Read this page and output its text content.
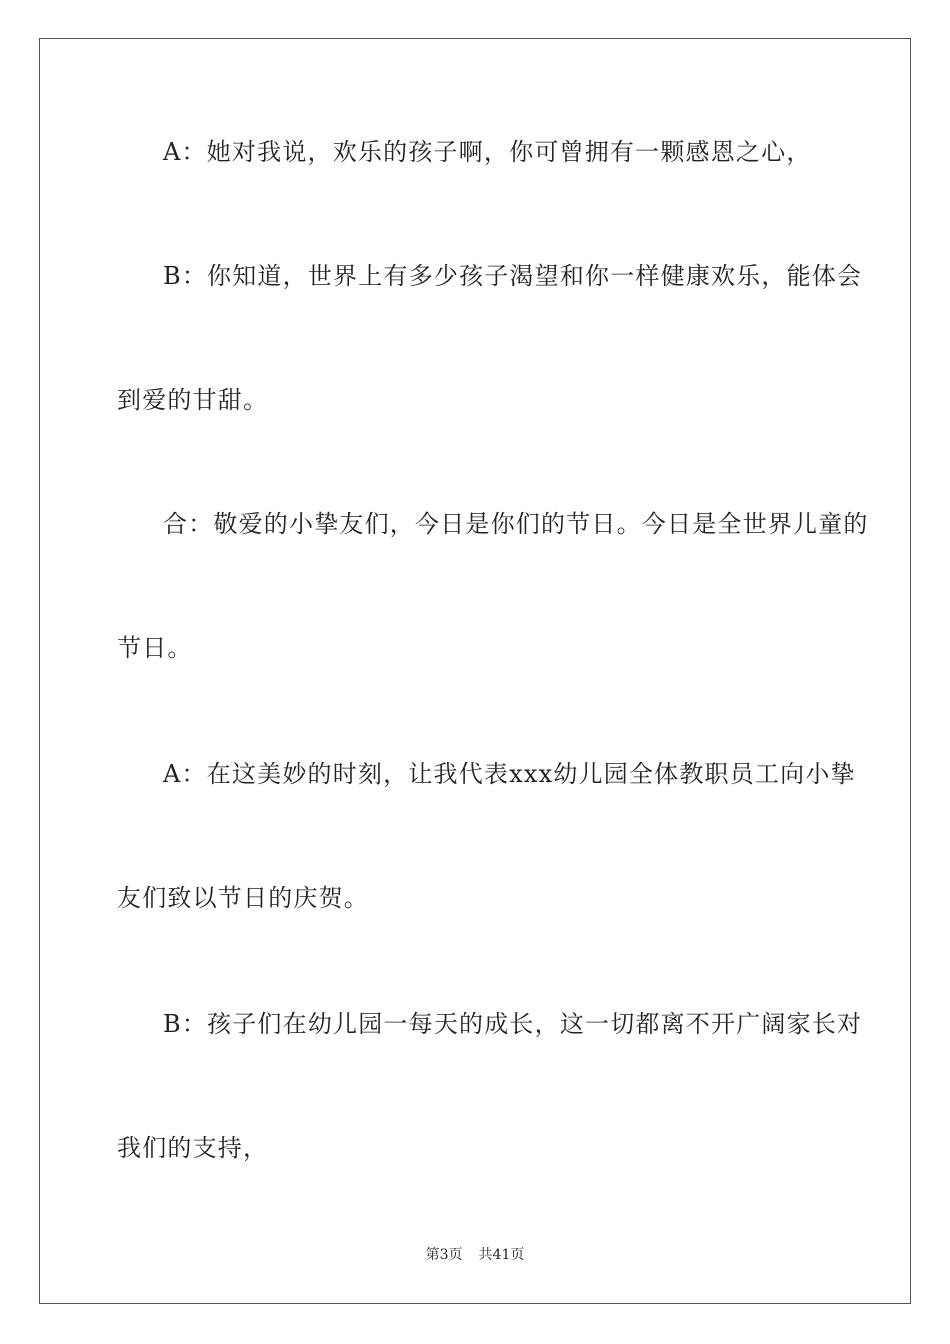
A：她对我说，欢乐的孩子啊，你可曾拥有一颗感恩之心，
B：你知道，世界上有多少孩子渴望和你一样健康欢乐，能体会
到爱的甘甜。
合：敬爱的小挚友们，今日是你们的节日。今日是全世界儿童的
节日。
A：在这美妙的时刻，让我代表xxx幼儿园全体教职员工向小挚
友们致以节日的庆贺。
B：孩子们在幼儿园一每天的成长，这一切都离不开广阔家长对
我们的支持，
第3页 共41页
